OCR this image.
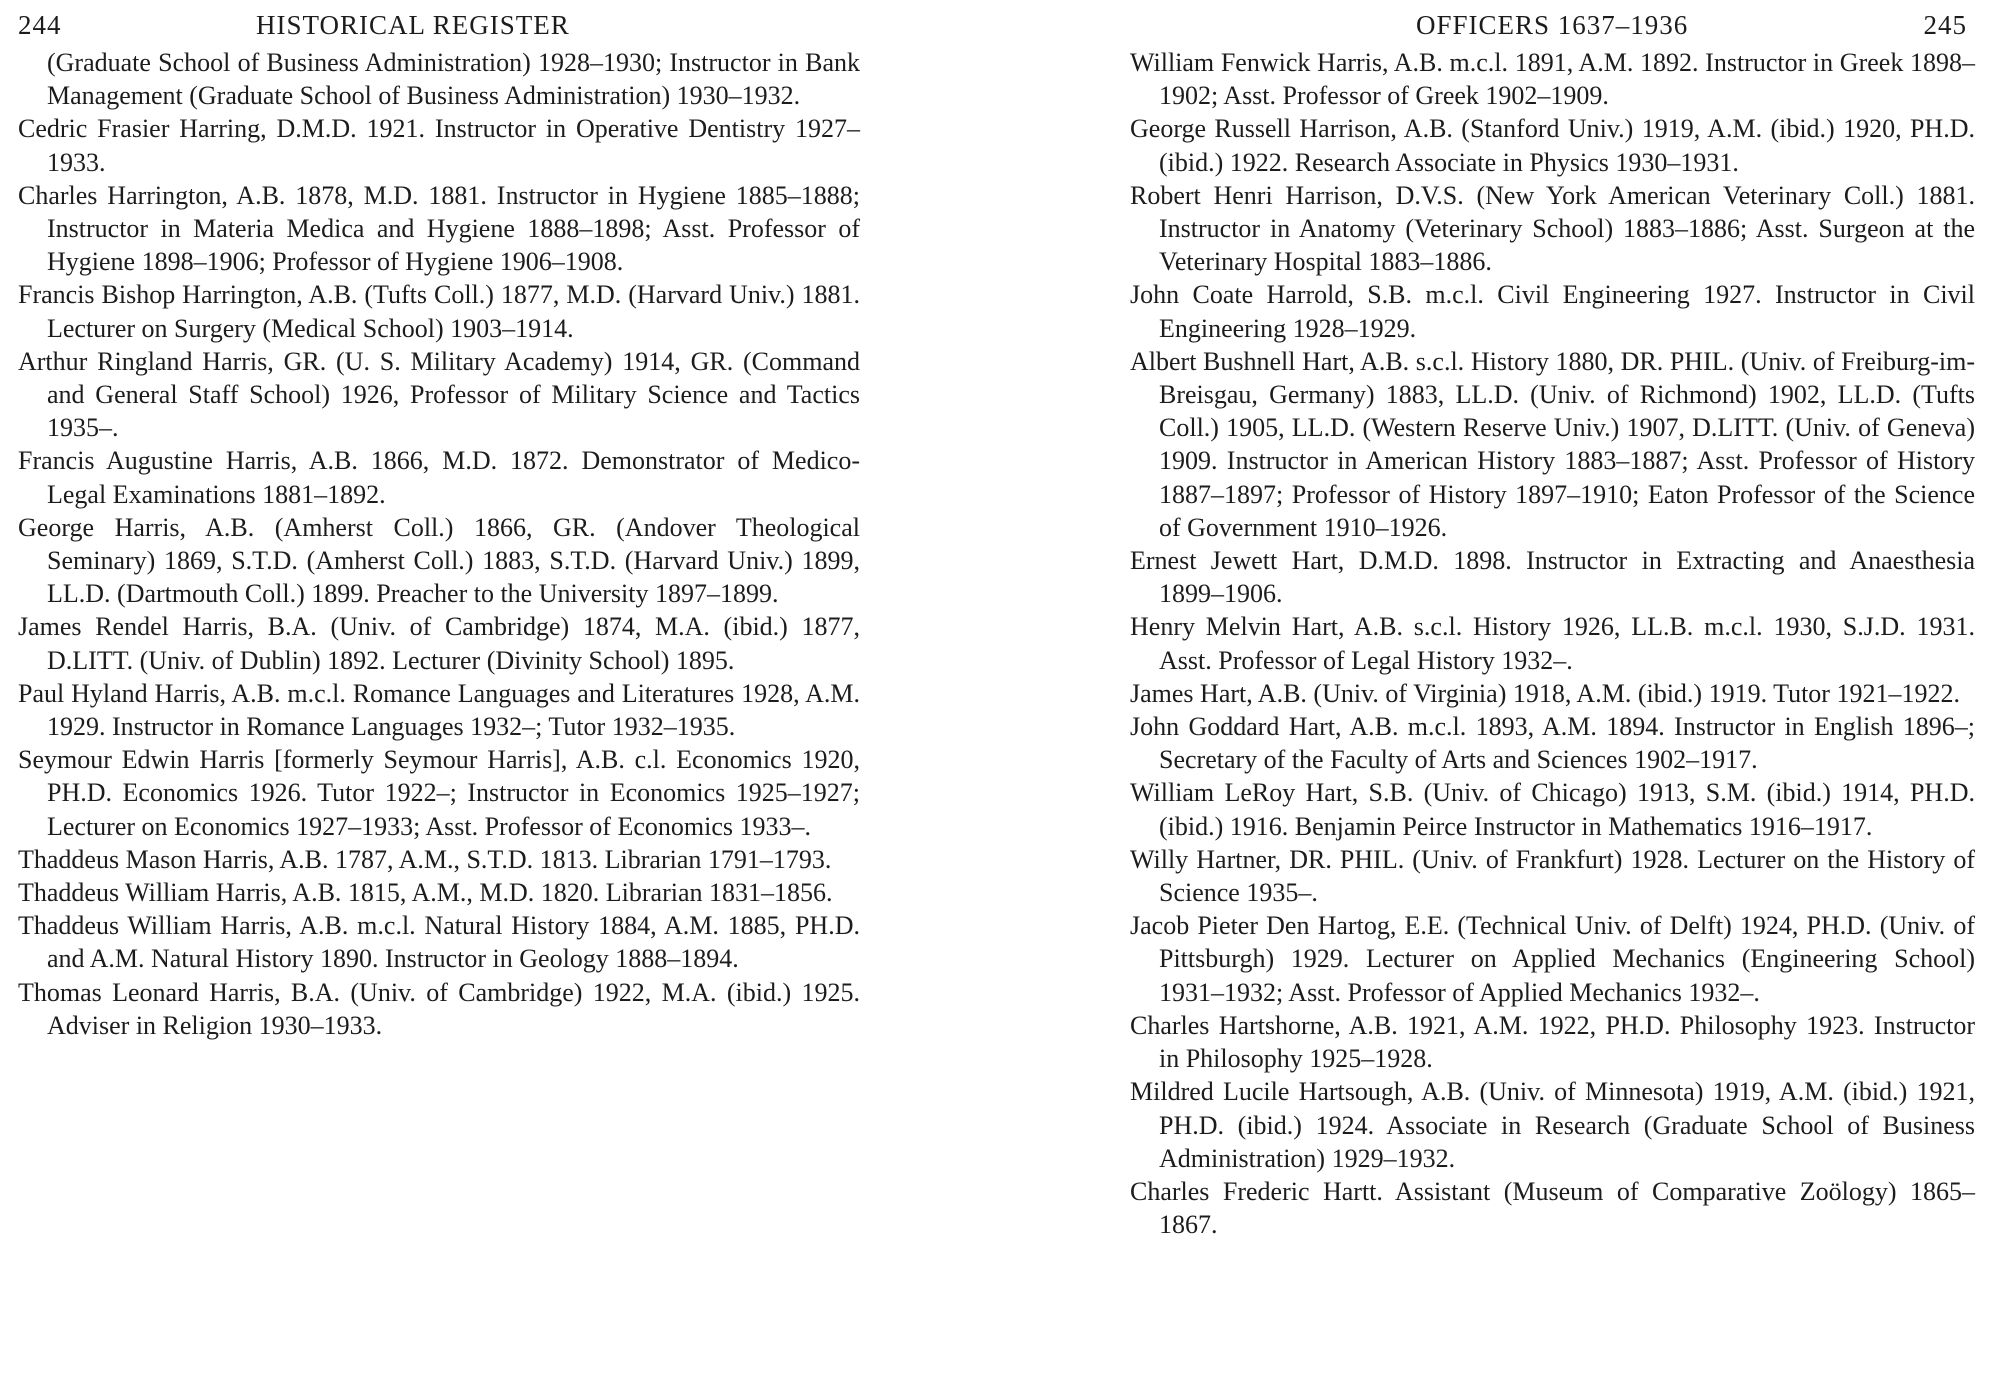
244	HISTORICAL REGISTER

(Graduate School of Business Administration) 1928–1930; Instructor in Bank Management (Graduate School of Business Administration) 1930–1932.

Cedric Frasier Harring, D.M.D. 1921. Instructor in Operative Dentistry 1927–1933.

Charles Harrington, A.B. 1878, M.D. 1881. Instructor in Hygiene 1885–1888; Instructor in Materia Medica and Hygiene 1888–1898; Asst. Professor of Hygiene 1898–1906; Professor of Hygiene 1906–1908.

Francis Bishop Harrington, A.B. (Tufts Coll.) 1877, M.D. (Harvard Univ.) 1881. Lecturer on Surgery (Medical School) 1903–1914.

Arthur Ringland Harris, GR. (U. S. Military Academy) 1914, GR. (Command and General Staff School) 1926, Professor of Military Science and Tactics 1935–.

Francis Augustine Harris, A.B. 1866, M.D. 1872. Demonstrator of Medico-Legal Examinations 1881–1892.

George Harris, A.B. (Amherst Coll.) 1866, GR. (Andover Theological Seminary) 1869, S.T.D. (Amherst Coll.) 1883, S.T.D. (Harvard Univ.) 1899, LL.D. (Dartmouth Coll.) 1899. Preacher to the University 1897–1899.

James Rendel Harris, B.A. (Univ. of Cambridge) 1874, M.A. (ibid.) 1877, D.LITT. (Univ. of Dublin) 1892. Lecturer (Divinity School) 1895.

Paul Hyland Harris, A.B. m.c.l. Romance Languages and Literatures 1928, A.M. 1929. Instructor in Romance Languages 1932–; Tutor 1932–1935.

Seymour Edwin Harris [formerly Seymour Harris], A.B. c.l. Economics 1920, PH.D. Economics 1926. Tutor 1922–; Instructor in Economics 1925–1927; Lecturer on Economics 1927–1933; Asst. Professor of Economics 1933–.

Thaddeus Mason Harris, A.B. 1787, A.M., S.T.D. 1813. Librarian 1791–1793.

Thaddeus William Harris, A.B. 1815, A.M., M.D. 1820. Librarian 1831–1856.

Thaddeus William Harris, A.B. m.c.l. Natural History 1884, A.M. 1885, PH.D. and A.M. Natural History 1890. Instructor in Geology 1888–1894.

Thomas Leonard Harris, B.A. (Univ. of Cambridge) 1922, M.A. (ibid.) 1925. Adviser in Religion 1930–1933.

OFFICERS 1637–1936	245

William Fenwick Harris, A.B. m.c.l. 1891, A.M. 1892. Instructor in Greek 1898–1902; Asst. Professor of Greek 1902–1909.

George Russell Harrison, A.B. (Stanford Univ.) 1919, A.M. (ibid.) 1920, PH.D. (ibid.) 1922. Research Associate in Physics 1930–1931.

Robert Henri Harrison, D.V.S. (New York American Veterinary Coll.) 1881. Instructor in Anatomy (Veterinary School) 1883–1886; Asst. Surgeon at the Veterinary Hospital 1883–1886.

John Coate Harrold, S.B. m.c.l. Civil Engineering 1927. Instructor in Civil Engineering 1928–1929.

Albert Bushnell Hart, A.B. s.c.l. History 1880, DR. PHIL. (Univ. of Freiburg-im-Breisgau, Germany) 1883, LL.D. (Univ. of Richmond) 1902, LL.D. (Tufts Coll.) 1905, LL.D. (Western Reserve Univ.) 1907, D.LITT. (Univ. of Geneva) 1909. Instructor in American History 1883–1887; Asst. Professor of History 1887–1897; Professor of History 1897–1910; Eaton Professor of the Science of Government 1910–1926.

Ernest Jewett Hart, D.M.D. 1898. Instructor in Extracting and Anaesthesia 1899–1906.

Henry Melvin Hart, A.B. s.c.l. History 1926, LL.B. m.c.l. 1930, S.J.D. 1931. Asst. Professor of Legal History 1932–.

James Hart, A.B. (Univ. of Virginia) 1918, A.M. (ibid.) 1919. Tutor 1921–1922.

John Goddard Hart, A.B. m.c.l. 1893, A.M. 1894. Instructor in English 1896–; Secretary of the Faculty of Arts and Sciences 1902–1917.

William LeRoy Hart, S.B. (Univ. of Chicago) 1913, S.M. (ibid.) 1914, PH.D. (ibid.) 1916. Benjamin Peirce Instructor in Mathematics 1916–1917.

Willy Hartner, DR. PHIL. (Univ. of Frankfurt) 1928. Lecturer on the History of Science 1935–.

Jacob Pieter Den Hartog, E.E. (Technical Univ. of Delft) 1924, PH.D. (Univ. of Pittsburgh) 1929. Lecturer on Applied Mechanics (Engineering School) 1931–1932; Asst. Professor of Applied Mechanics 1932–.

Charles Hartshorne, A.B. 1921, A.M. 1922, PH.D. Philosophy 1923. Instructor in Philosophy 1925–1928.

Mildred Lucile Hartsough, A.B. (Univ. of Minnesota) 1919, A.M. (ibid.) 1921, PH.D. (ibid.) 1924. Associate in Research (Graduate School of Business Administration) 1929–1932.

Charles Frederic Hartt. Assistant (Museum of Comparative Zoölogy) 1865–1867.
